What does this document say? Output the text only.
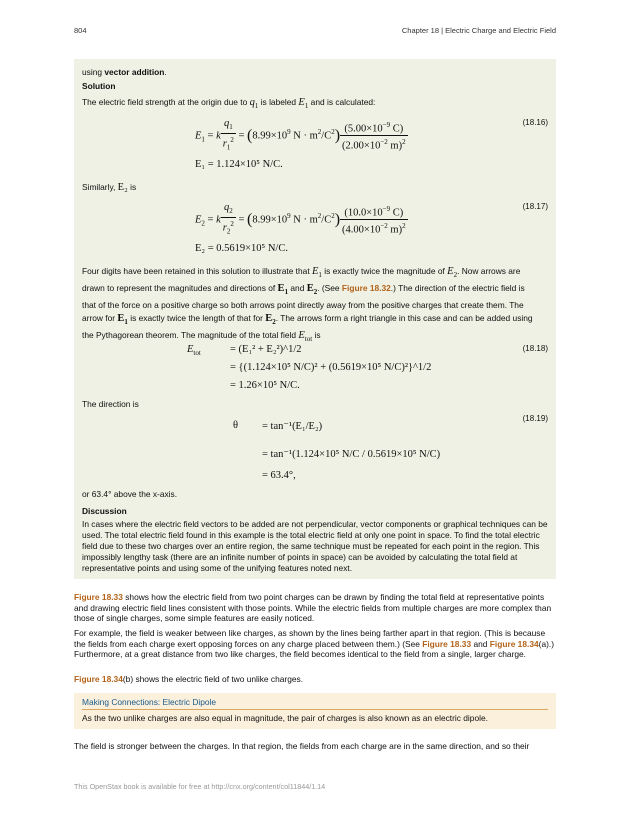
804	Chapter 18 | Electric Charge and Electric Field
using vector addition.
Solution
The electric field strength at the origin due to $q_1$ is labeled $E_1$ and is calculated:
$E_1 = k \frac{q_1}{r_1^2} = (8.99\times 10^9$ $N \cdot m^2/C^2) \frac{(5.00\times 10^{-9} C)}{(2.00\times 10^{-2} m)^2}$	(18.16)
E₁ = 1.124×10⁵ N/C.
Similarly, E₂ is
$E_2 = k \frac{q_2}{r_2^2} = (8.99\times 10^9$ $N \cdot m^2/C^2) \frac{(10.0\times 10^{-9} C)}{(4.00\times 10^{-2} m)^2}$	(18.17)
E₂ = 0.5619×10⁵ N/C.
Four digits have been retained in this solution to illustrate that $E_1$ is exactly twice the magnitude of $E_2$. Now arrows are
drawn to represent the magnitudes and directions of $E_1$ and $E_2$. (See Figure 18.32.) The direction of the electric field is
that of the force on a positive charge so both arrows point directly away from the positive charges that create them. The
arrow for $E_1$ is exactly twice the length of that for $E_2$. The arrows form a right triangle in this case and can be added using
the Pythagorean theorem. The magnitude of the total field $E_{tot}$ is
$E_{tot}$	= (E₁² + E₂²)^1/2	(18.18)
= {(1.124×10⁵ N/C)² + (0.5619×10⁵ N/C)²}^1/2
= 1.26×10⁵ N/C.
The direction is
θ = tan⁻¹(E₁/E₂)
(18.19)
= tan⁻¹(1.124×10⁵ N/C / 0.5619×10⁵ N/C)
= 63.4°,
or 63.4° above the x-axis.
Discussion
In cases where the electric field vectors to be added are not perpendicular, vector components or graphical techniques can be used. The total electric field found in this example is the total electric field at only one point in space. To find the total electric field due to these two charges over an entire region, the same technique must be repeated for each point in the region. This impossibly lengthy task (there are an infinite number of points in space) can be avoided by calculating the total field at representative points and using some of the unifying features noted next.
Figure 18.33 shows how the electric field from two point charges can be drawn by finding the total field at representative points and drawing electric field lines consistent with those points. While the electric fields from multiple charges are more complex than those of single charges, some simple features are easily noticed.
For example, the field is weaker between like charges, as shown by the lines being farther apart in that region. (This is because the fields from each charge exert opposing forces on any charge placed between them.) (See Figure 18.33 and Figure 18.34(a).) Furthermore, at a great distance from two like charges, the field becomes identical to the field from a single, larger charge.
Figure 18.34(b) shows the electric field of two unlike charges.
Making Connections: Electric Dipole
As the two unlike charges are also equal in magnitude, the pair of charges is also known as an electric dipole.
The field is stronger between the charges. In that region, the fields from each charge are in the same direction, and so their
This OpenStax book is available for free at http://cnx.org/content/col11844/1.14
